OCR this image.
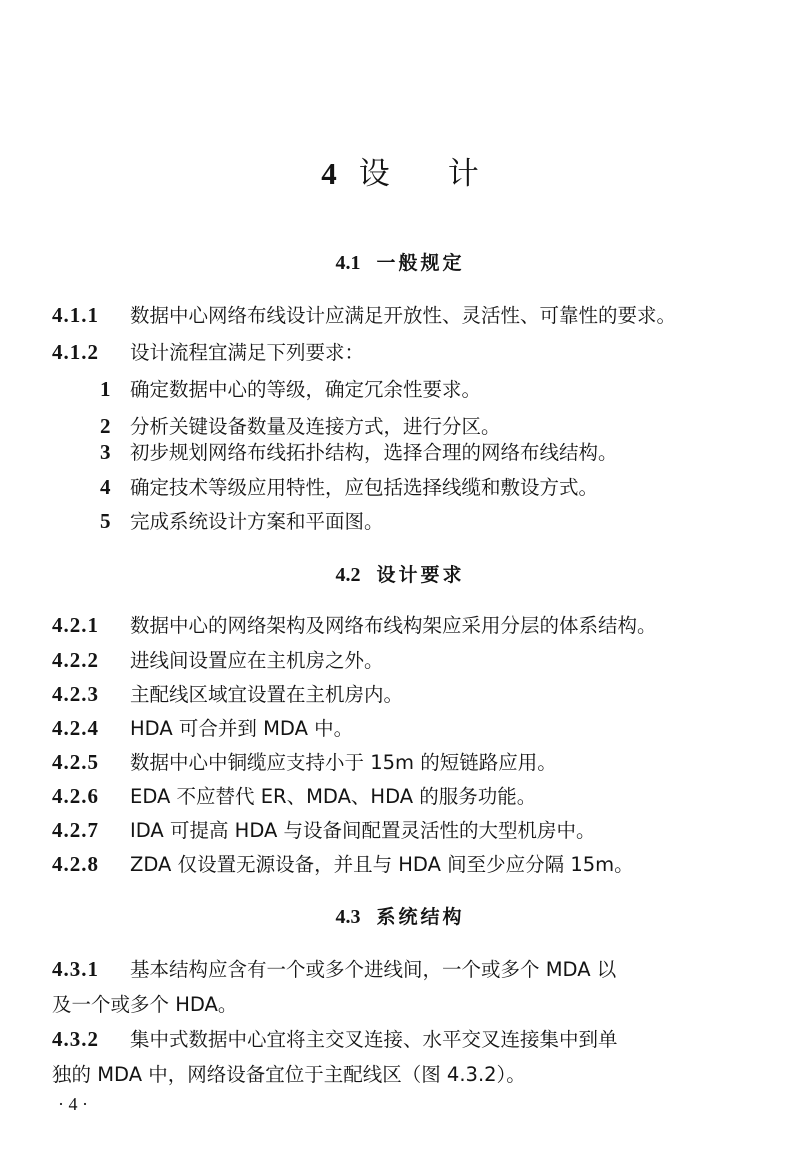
4 设 计
4.1 一般规定
4.1.1 数据中心网络布线设计应满足开放性、灵活性、可靠性的要求。
4.1.2 设计流程宜满足下列要求：
1 确定数据中心的等级，确定冗余性要求。
2 分析关键设备数量及连接方式，进行分区。
3 初步规划网络布线拓扑结构，选择合理的网络布线结构。
4 确定技术等级应用特性，应包括选择线缆和敷设方式。
5 完成系统设计方案和平面图。
4.2 设计要求
4.2.1 数据中心的网络架构及网络布线构架应采用分层的体系结构。
4.2.2 进线间设置应在主机房之外。
4.2.3 主配线区域宜设置在主机房内。
4.2.4 HDA 可合并到 MDA 中。
4.2.5 数据中心中铜缆应支持小于 15m 的短链路应用。
4.2.6 EDA 不应替代 ER、MDA、HDA 的服务功能。
4.2.7 IDA 可提高 HDA 与设备间配置灵活性的大型机房中。
4.2.8 ZDA 仅设置无源设备，并且与 HDA 间至少应分隔 15m。
4.3 系统结构
4.3.1 基本结构应含有一个或多个进线间，一个或多个 MDA 以
及一个或多个 HDA。
4.3.2 集中式数据中心宜将主交叉连接、水平交叉连接集中到单
独的 MDA 中，网络设备宜位于主配线区（图 4.3.2）。
· 4 ·
